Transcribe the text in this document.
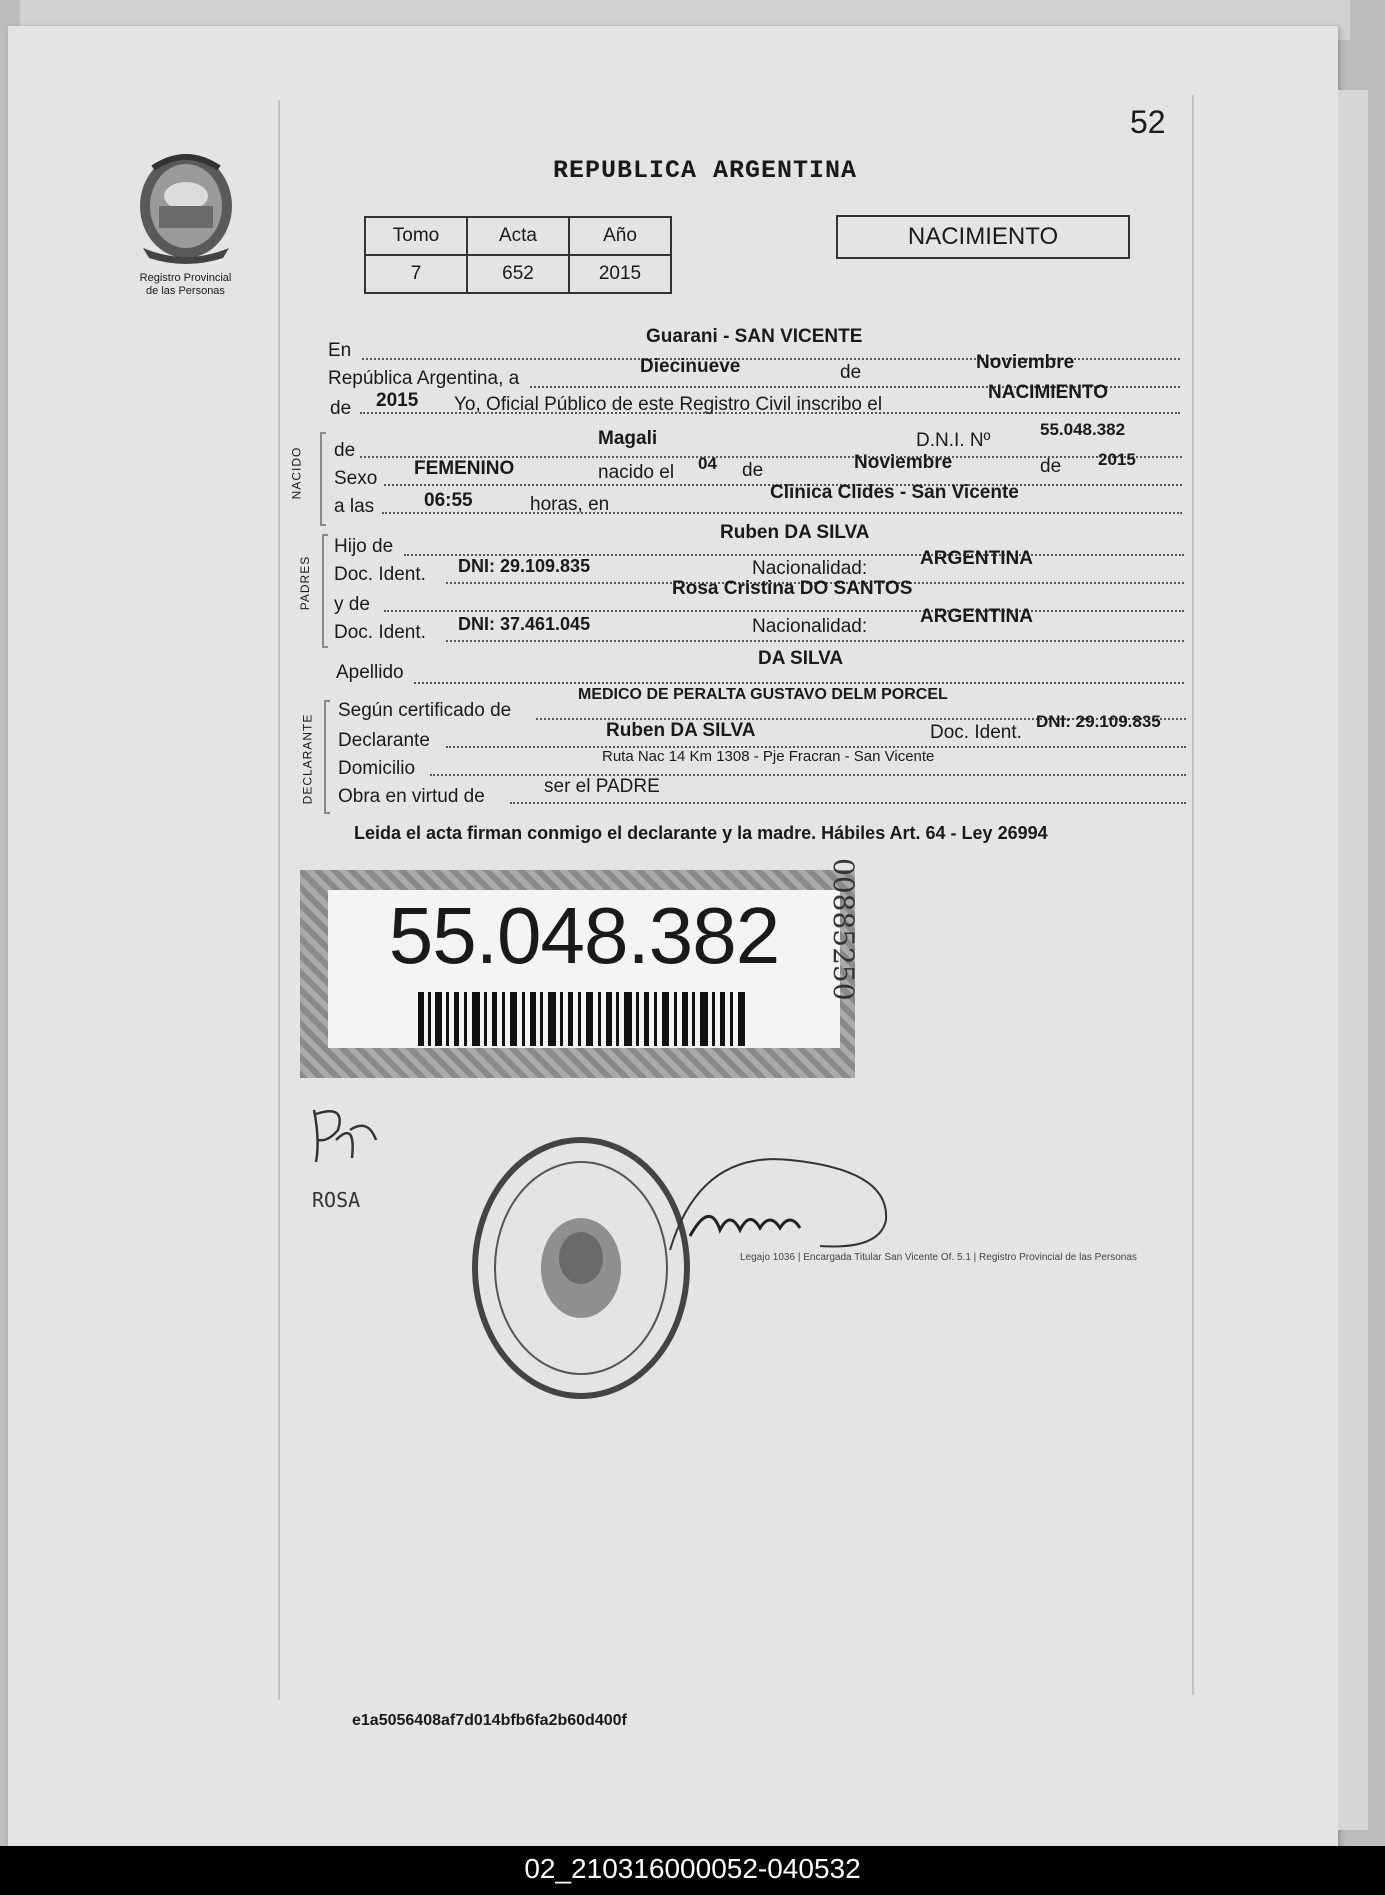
52
Registro Provincial
de las Personas
REPUBLICA ARGENTINA
Tomo	Acta	Año
7	652	2015
NACIMIENTO
En
Guarani - SAN VICENTE
República Argentina, a
Diecinueve	de	Noviembre
de 2015 Yo, Oficial Público de este Registro Civil inscribo el
NACIMIENTO
NACIDO de
Magali	D.N.I. Nº
55.048.382
Sexo FEMENINO	nacido el 04 de	Noviembre	de 2015
a las	06:55	horas, en
Clinica Clides - San Vicente
PADRES
Hijo de
Ruben DA SILVA
Doc. Ident. DNI: 29.109.835	Nacionalidad:	ARGENTINA
y de
Rosa Cristina DO SANTOS
Doc. Ident. DNI: 37.461.045	Nacionalidad:	ARGENTINA
Apellido
DA SILVA
DECLARANTE
Según certificado de
MEDICO DE PERALTA GUSTAVO DELM PORCEL
Declarante	Ruben DA SILVA	Doc. Ident.
DNI: 29.109.835
Domicilio
Ruta Nac 14 Km 1308 - Pje Fracran - San Vicente
Obra en virtud de	ser el PADRE
Leida el acta firman conmigo el declarante y la madre. Hábiles Art. 64 - Ley 26994
55.048.382	00885250
ROSA
Legajo 1036 | Encargada Titular San Vicente Of. 5.1 | Registro Provincial de las Personas
e1a5056408af7d014bfb6fa2b60d400f
02_210316000052-040532
